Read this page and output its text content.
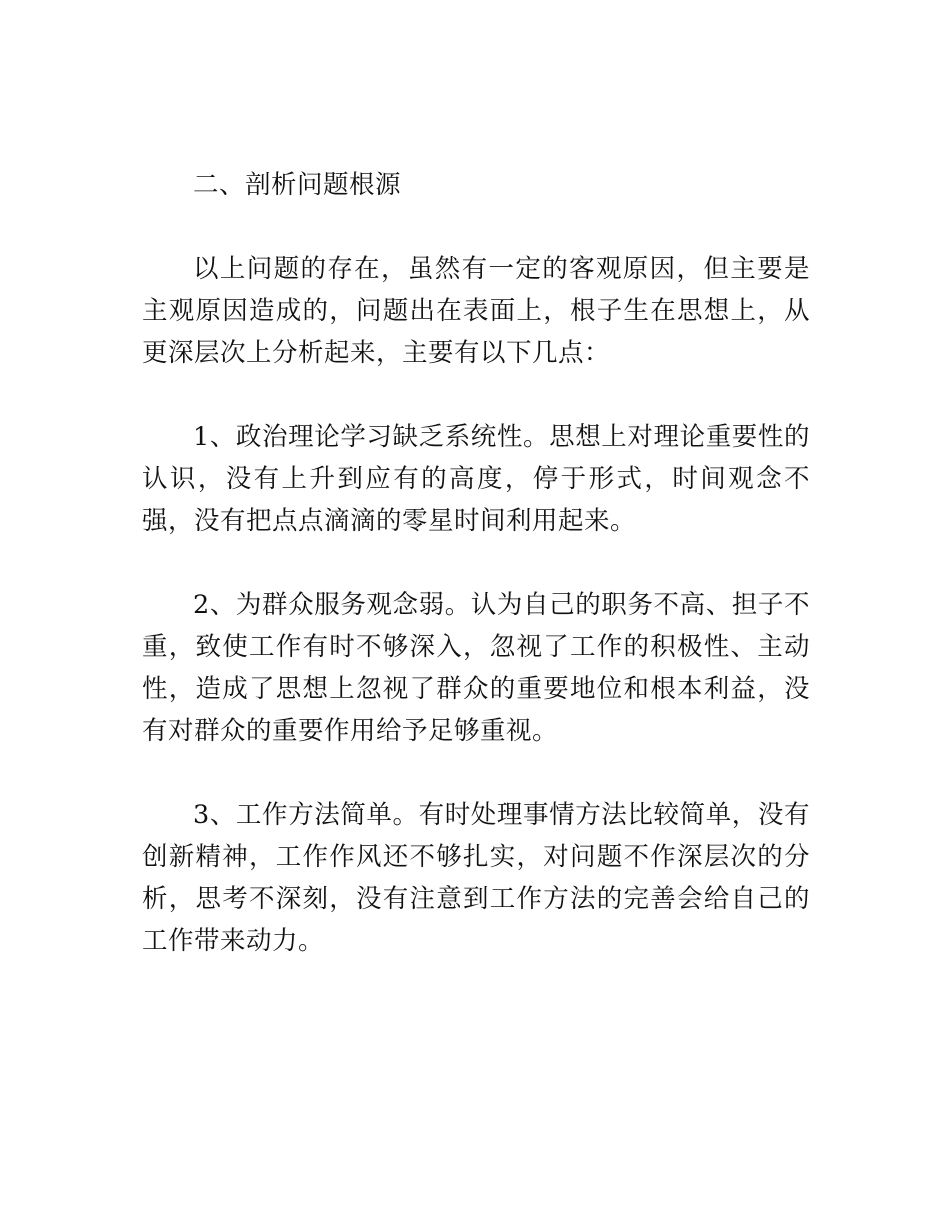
二、剖析问题根源

以上问题的存在，虽然有一定的客观原因，但主要是主观原因造成的，问题出在表面上，根子生在思想上，从更深层次上分析起来，主要有以下几点：

1、政治理论学习缺乏系统性。思想上对理论重要性的认识，没有上升到应有的高度，停于形式，时间观念不强，没有把点点滴滴的零星时间利用起来。

2、为群众服务观念弱。认为自己的职务不高、担子不重，致使工作有时不够深入，忽视了工作的积极性、主动性，造成了思想上忽视了群众的重要地位和根本利益，没有对群众的重要作用给予足够重视。

3、工作方法简单。有时处理事情方法比较简单，没有创新精神，工作作风还不够扎实，对问题不作深层次的分析，思考不深刻，没有注意到工作方法的完善会给自己的工作带来动力。
